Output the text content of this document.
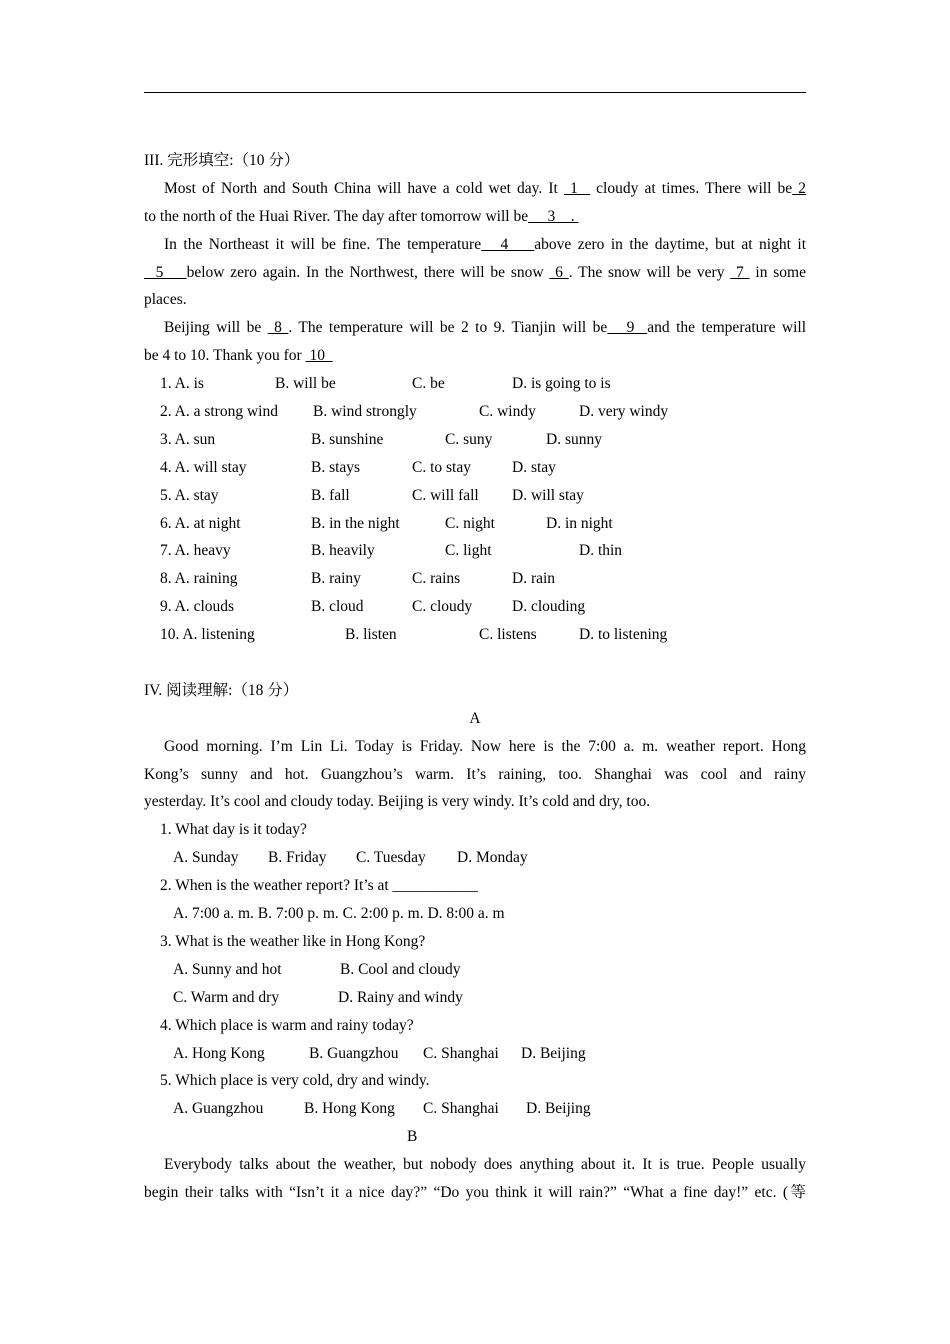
III. 完形填空:（10 分）
Most of North and South China will have a cold wet day. It  1   cloudy at times. There will be 2
to the north of the Huai River. The day after tomorrow will be     3    .
In the Northeast it will be fine. The temperature   4    above zero in the daytime, but at night it
5    below zero again. In the Northwest, there will be snow  6 . The snow will be very  7  in some
places.
Beijing will be  8 . The temperature will be 2 to 9. Tianjin will be   9  and the temperature will
be 4 to 10. Thank you for  10
1. A. is	B. will be	C. be	D. is going to is
2. A. a strong wind B. wind strongly	C. windy	D. very windy
3. A. sun	B. sunshine	C. suny	D. sunny
4. A. will stay	B. stays	C. to stay	D. stay
5. A. stay	B. fall	C. will fall D. will stay
6. A. at night	B. in the night	C. night	D. in night
7. A. heavy	B. heavily	C. light	D. thin
8. A. raining	B. rainy	C. rains	D. rain
9. A. clouds	B. cloud	C. cloudy	D. clouding
10. A. listening	B. listen	C. listens	D. to listening
IV. 阅读理解:（18 分）
A
Good morning. I’m Lin Li. Today is Friday. Now here is the 7:00 a. m. weather report. Hong
Kong’s sunny and hot. Guangzhou’s warm. It’s raining, too. Shanghai was cool and rainy
yesterday. It’s cool and cloudy today. Beijing is very windy. It’s cold and dry, too.
1. What day is it today?
A. Sunday B. Friday C. Tuesday D. Monday
2. When is the weather report? It’s at ___________
A. 7:00 a. m. B. 7:00 p. m. C. 2:00 p. m. D. 8:00 a. m
3. What is the weather like in Hong Kong?
A. Sunny and hot	B. Cool and cloudy
C. Warm and dry	D. Rainy and windy
4. Which place is warm and rainy today?
A. Hong Kong	B. Guangzhou C. Shanghai D. Beijing
5. Which place is very cold, dry and windy.
A. Guangzhou	B. Hong Kong C. Shanghai D. Beijing
B
Everybody talks about the weather, but nobody does anything about it. It is true. People usually
begin their talks with “Isn’t it a nice day?” “Do you think it will rain?” “What a fine day!” etc. (等
